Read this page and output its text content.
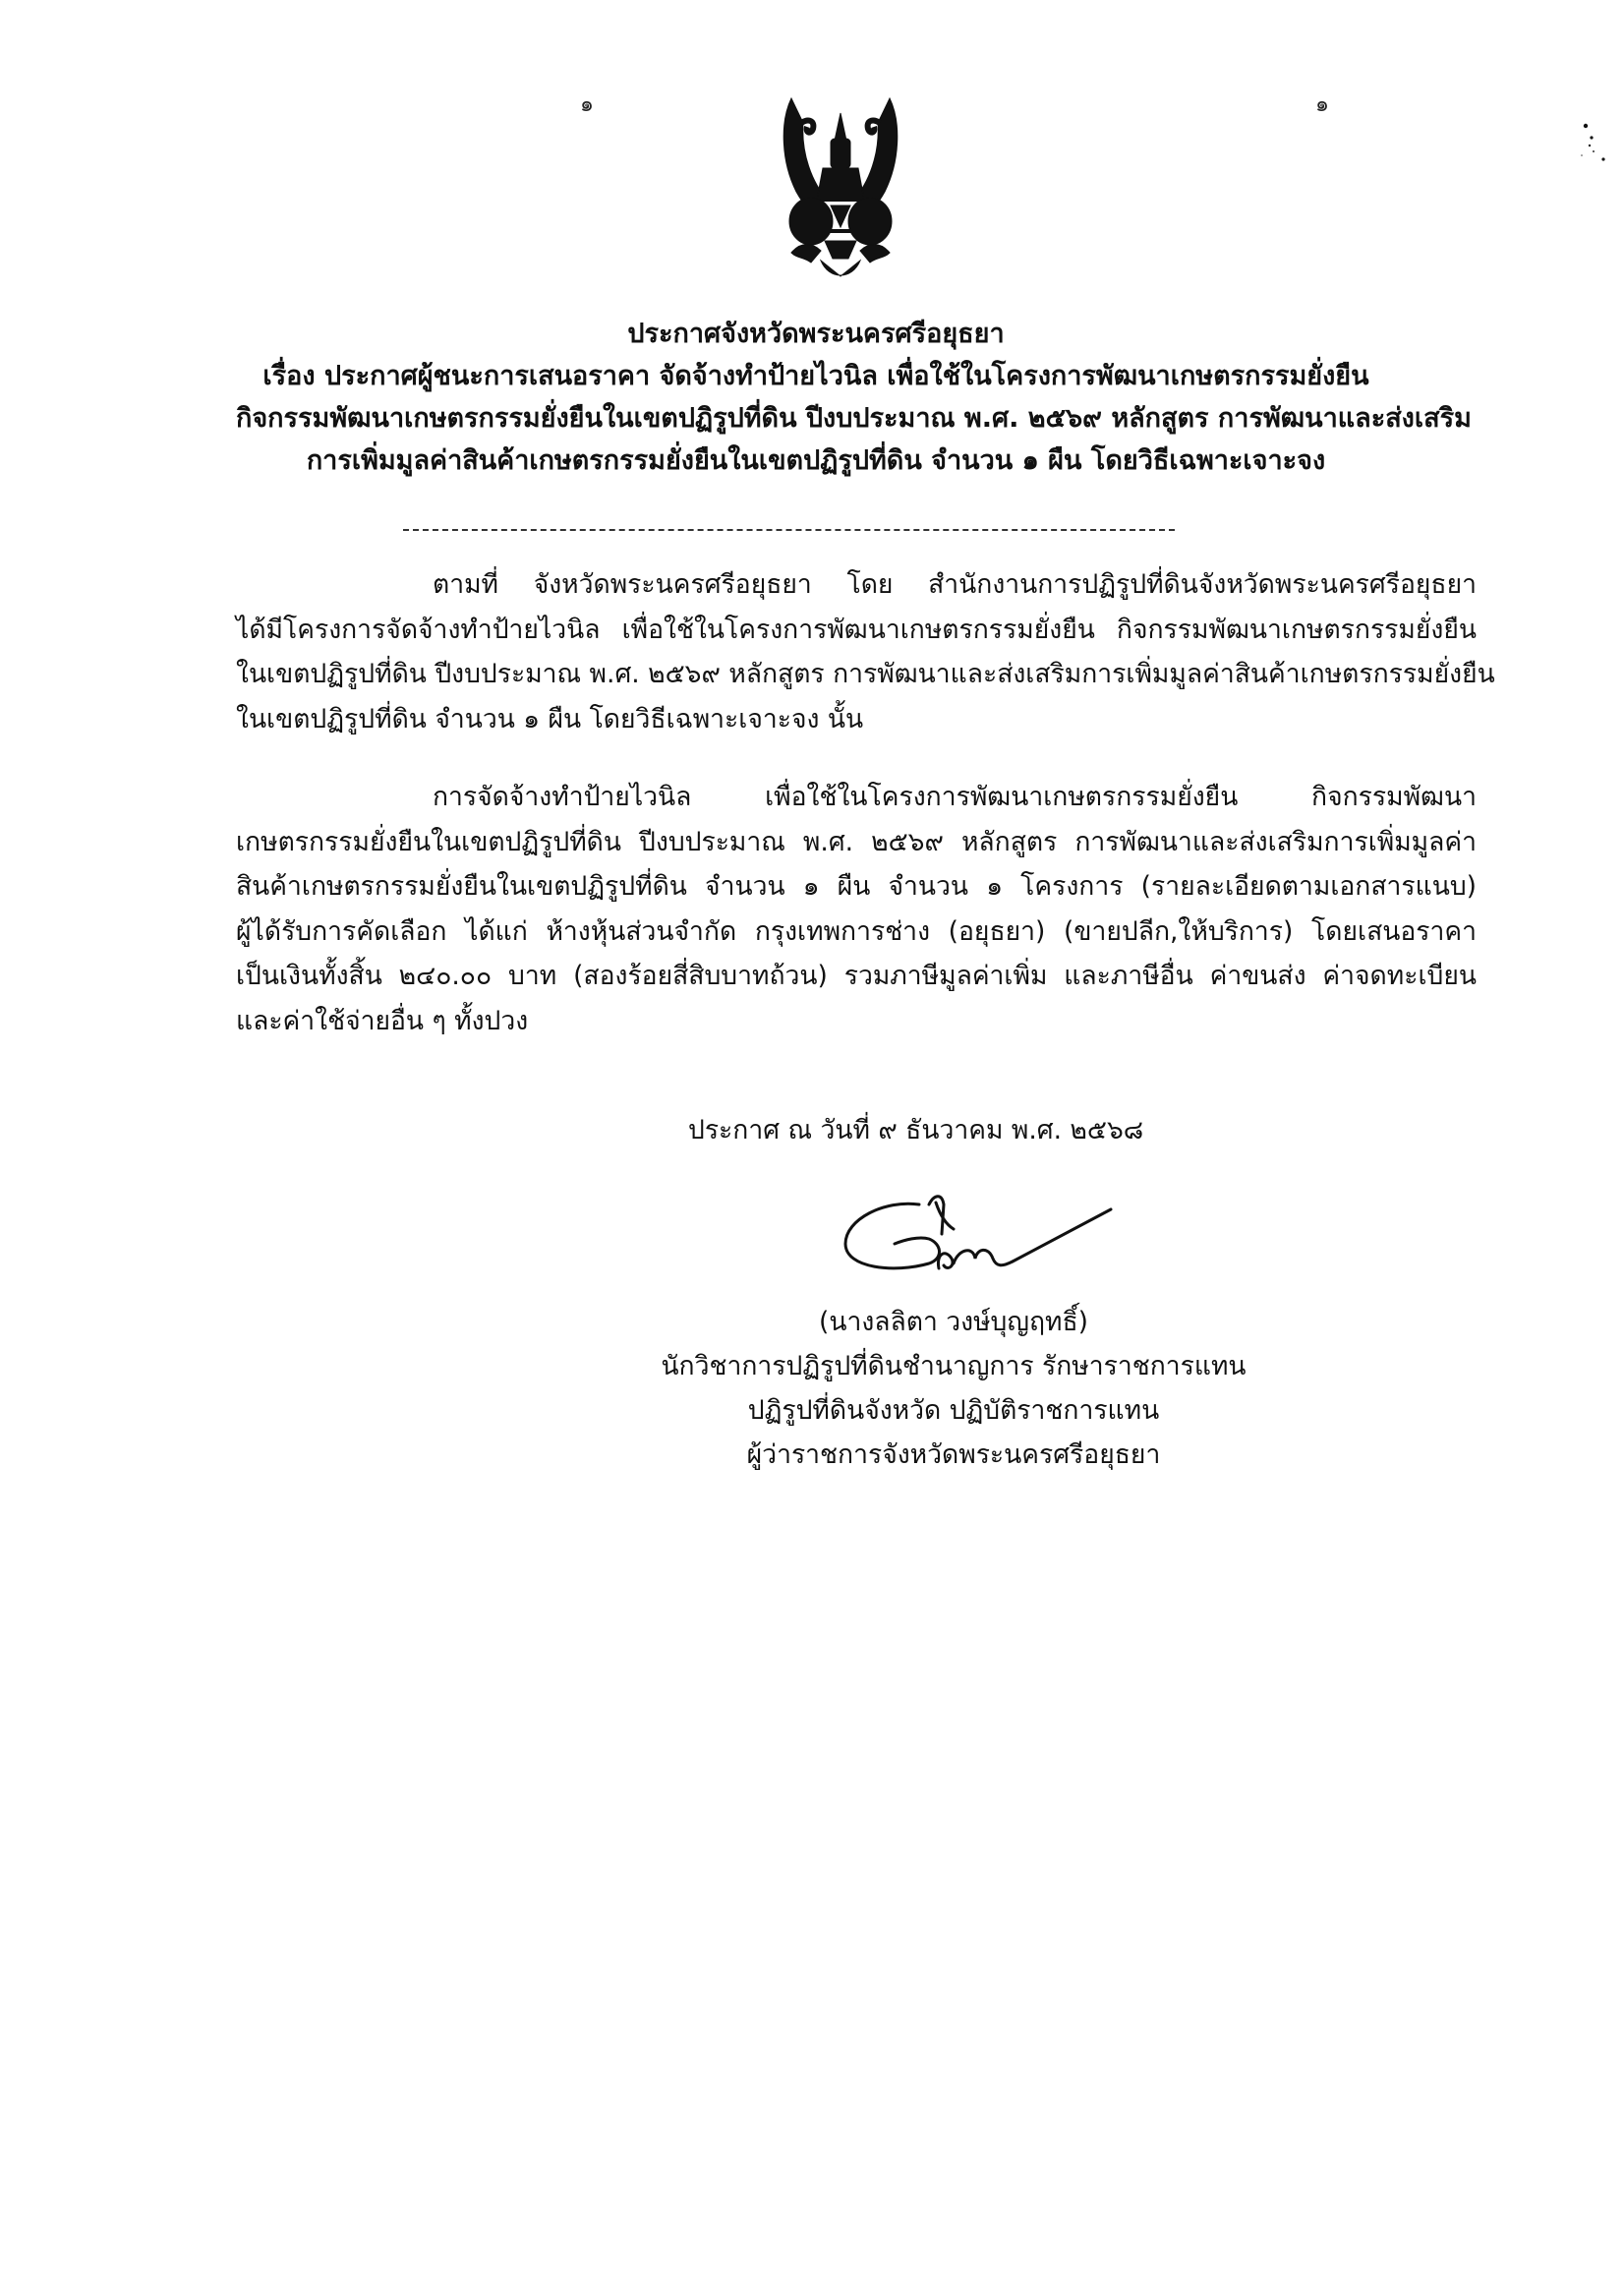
๑	๑
ประกาศจังหวัดพระนครศรีอยุธยา
เรื่อง ประกาศผู้ชนะการเสนอราคา จัดจ้างทำป้ายไวนิล เพื่อใช้ในโครงการพัฒนาเกษตรกรรมยั่งยืน
กิจกรรมพัฒนาเกษตรกรรมยั่งยืนในเขตปฏิรูปที่ดิน ปีงบประมาณ พ.ศ. ๒๕๖๙ หลักสูตร การพัฒนาและส่งเสริม
การเพิ่มมูลค่าสินค้าเกษตรกรรมยั่งยืนในเขตปฏิรูปที่ดิน จำนวน ๑ ผืน โดยวิธีเฉพาะเจาะจง
ตามที่ จังหวัดพระนครศรีอยุธยา โดย สำนักงานการปฏิรูปที่ดินจังหวัดพระนครศรีอยุธยา
ได้มีโครงการจัดจ้างทำป้ายไวนิล เพื่อใช้ในโครงการพัฒนาเกษตรกรรมยั่งยืน กิจกรรมพัฒนาเกษตรกรรมยั่งยืน
ในเขตปฏิรูปที่ดิน ปีงบประมาณ พ.ศ. ๒๕๖๙ หลักสูตร การพัฒนาและส่งเสริมการเพิ่มมูลค่าสินค้าเกษตรกรรมยั่งยืน
ในเขตปฏิรูปที่ดิน จำนวน ๑ ผืน โดยวิธีเฉพาะเจาะจง นั้น
การจัดจ้างทำป้ายไวนิล เพื่อใช้ในโครงการพัฒนาเกษตรกรรมยั่งยืน กิจกรรมพัฒนา
เกษตรกรรมยั่งยืนในเขตปฏิรูปที่ดิน ปีงบประมาณ พ.ศ. ๒๕๖๙ หลักสูตร การพัฒนาและส่งเสริมการเพิ่มมูลค่า
สินค้าเกษตรกรรมยั่งยืนในเขตปฏิรูปที่ดิน จำนวน ๑ ผืน จำนวน ๑ โครงการ (รายละเอียดตามเอกสารแนบ)
ผู้ได้รับการคัดเลือก ได้แก่ ห้างหุ้นส่วนจำกัด กรุงเทพการช่าง (อยุธยา) (ขายปลีก,ให้บริการ) โดยเสนอราคา
เป็นเงินทั้งสิ้น ๒๔๐.๐๐ บาท (สองร้อยสี่สิบบาทถ้วน) รวมภาษีมูลค่าเพิ่ม และภาษีอื่น ค่าขนส่ง ค่าจดทะเบียน
และค่าใช้จ่ายอื่น ๆ ทั้งปวง
ประกาศ ณ วันที่ ๙ ธันวาคม พ.ศ. ๒๕๖๘
(นางลลิตา วงษ์บุญฤทธิ์)
นักวิชาการปฏิรูปที่ดินชำนาญการ รักษาราชการแทน
ปฏิรูปที่ดินจังหวัด ปฏิบัติราชการแทน
ผู้ว่าราชการจังหวัดพระนครศรีอยุธยา
